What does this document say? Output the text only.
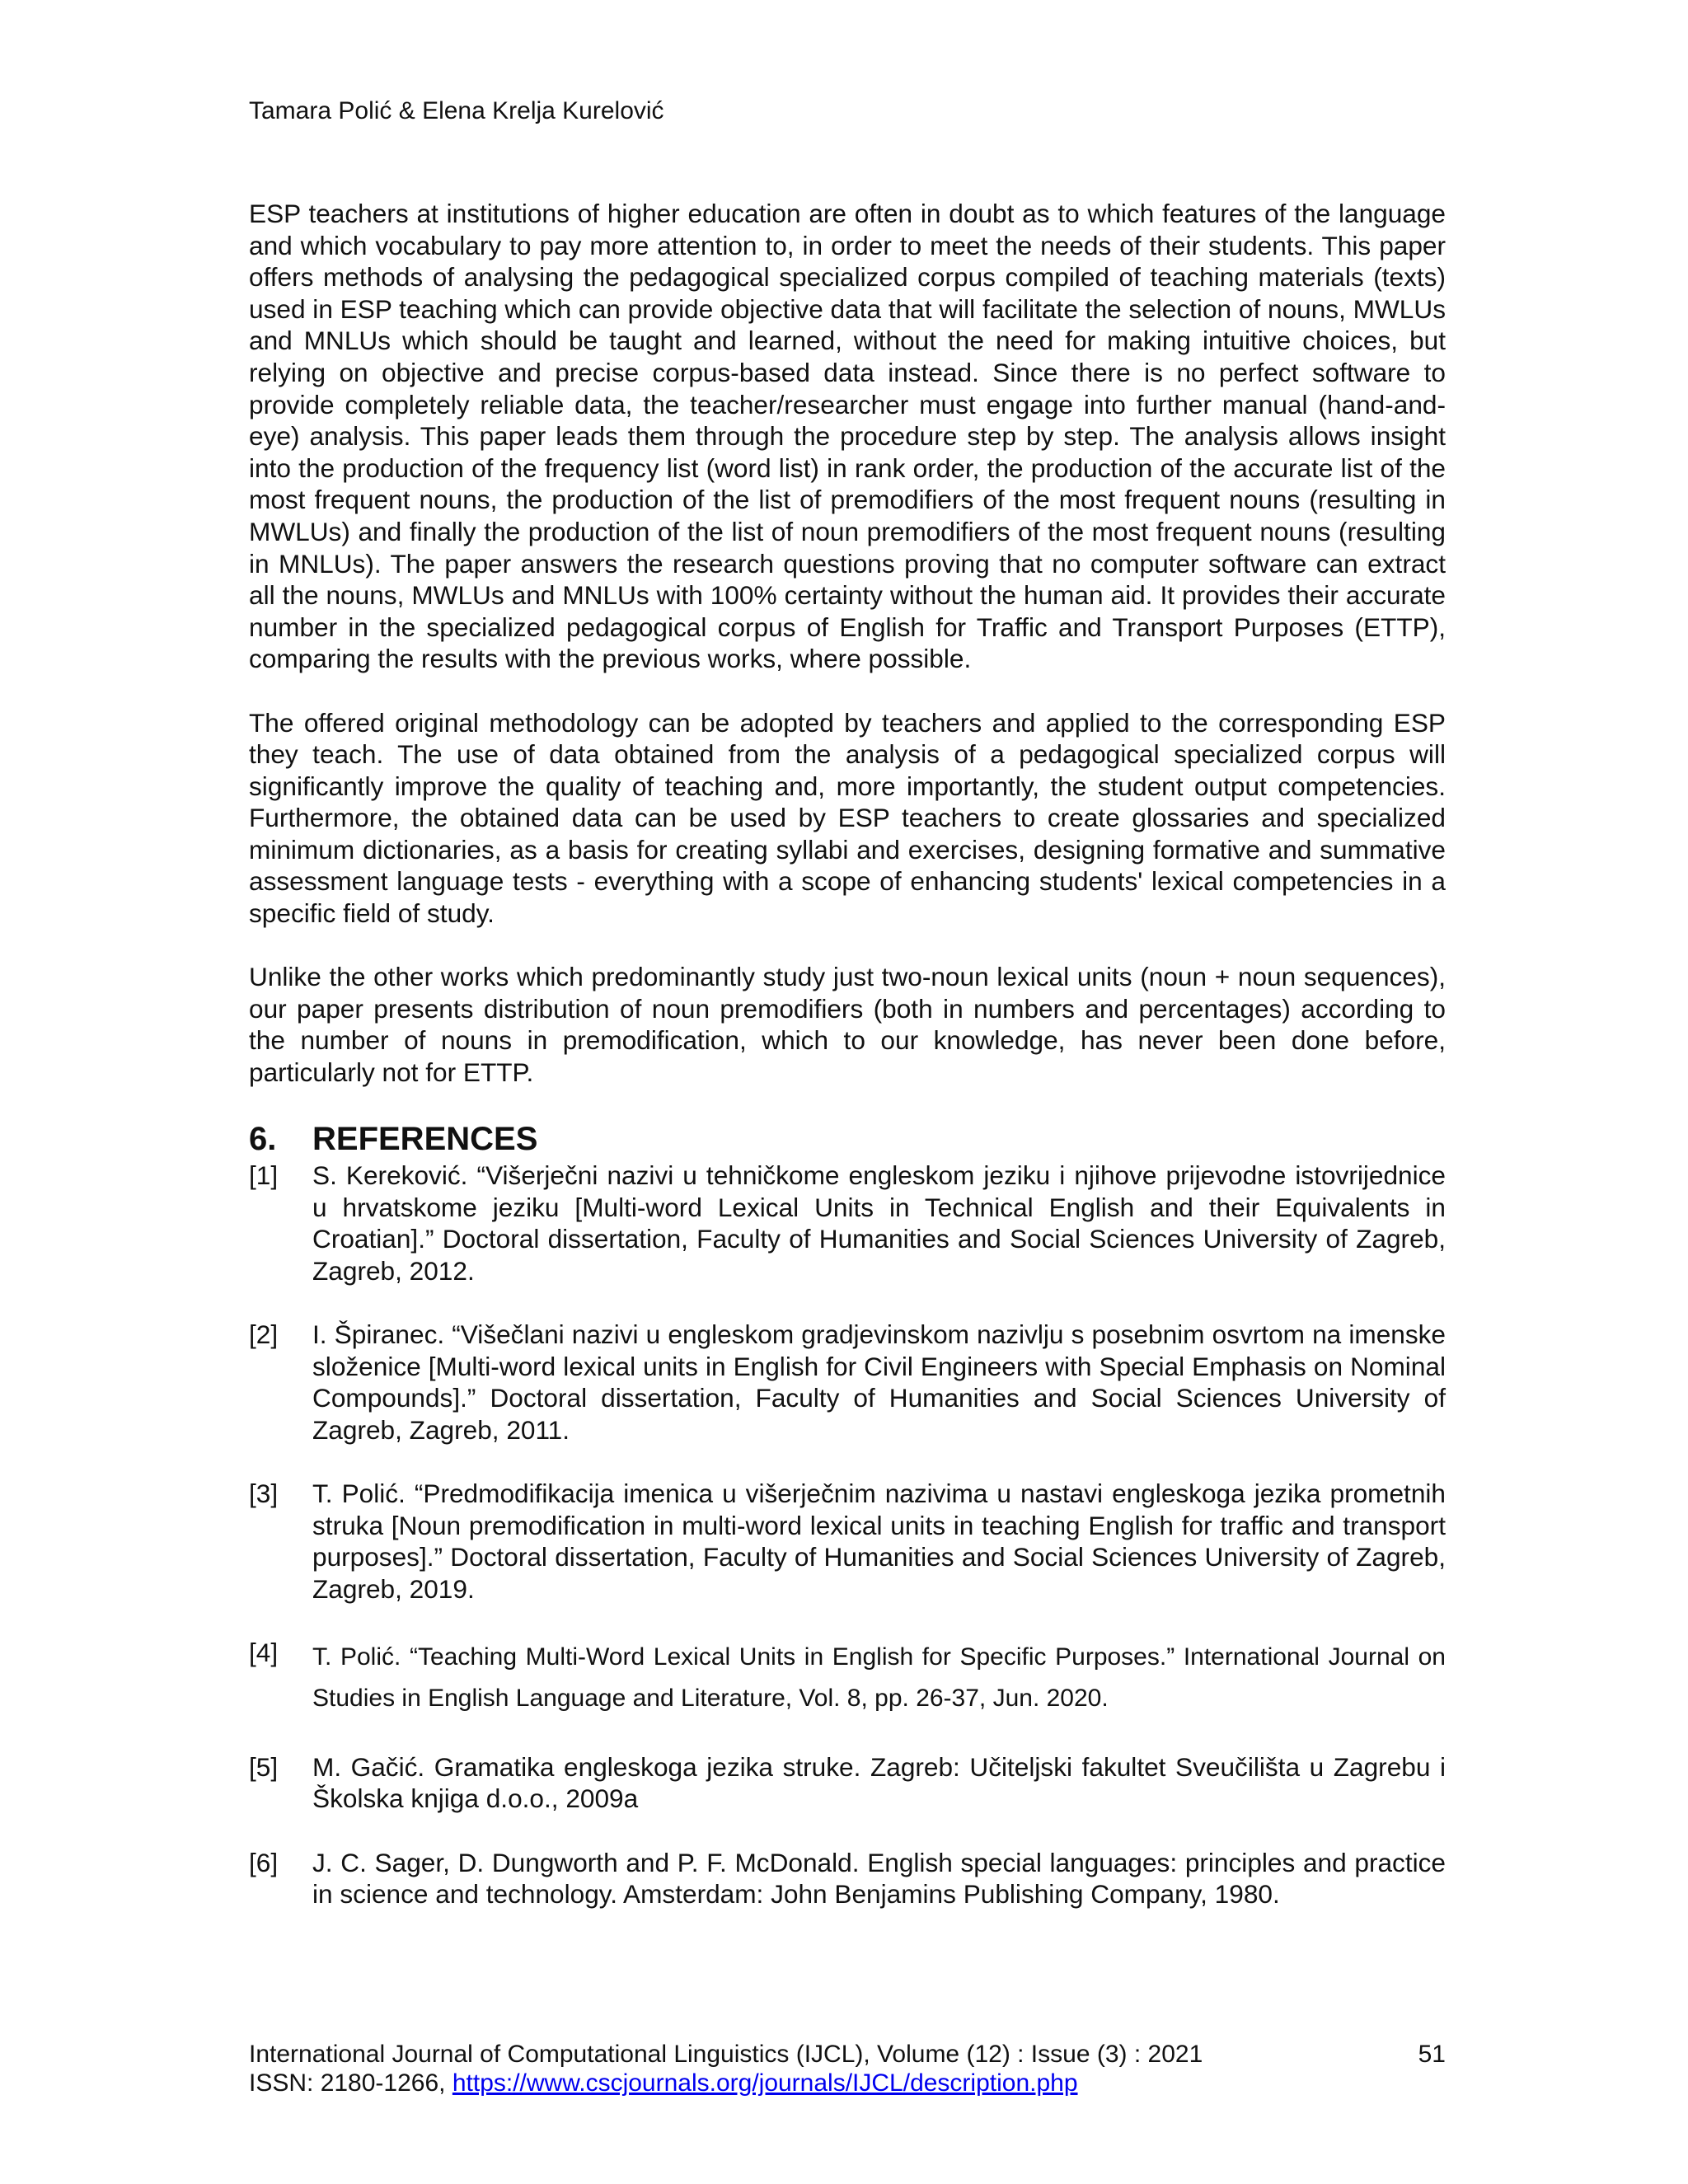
Tamara Polić & Elena Krelja Kurelović

ESP teachers at institutions of higher education are often in doubt as to which features of the language and which vocabulary to pay more attention to, in order to meet the needs of their students. This paper offers methods of analysing the pedagogical specialized corpus compiled of teaching materials (texts) used in ESP teaching which can provide objective data that will facilitate the selection of nouns, MWLUs and MNLUs which should be taught and learned, without the need for making intuitive choices, but relying on objective and precise corpus-based data instead. Since there is no perfect software to provide completely reliable data, the teacher/researcher must engage into further manual (hand-and-eye) analysis. This paper leads them through the procedure step by step. The analysis allows insight into the production of the frequency list (word list) in rank order, the production of the accurate list of the most frequent nouns, the production of the list of premodifiers of the most frequent nouns (resulting in MWLUs) and finally the production of the list of noun premodifiers of the most frequent nouns (resulting in MNLUs). The paper answers the research questions proving that no computer software can extract all the nouns, MWLUs and MNLUs with 100% certainty without the human aid. It provides their accurate number in the specialized pedagogical corpus of English for Traffic and Transport Purposes (ETTP), comparing the results with the previous works, where possible.

The offered original methodology can be adopted by teachers and applied to the corresponding ESP they teach. The use of data obtained from the analysis of a pedagogical specialized corpus will significantly improve the quality of teaching and, more importantly, the student output competencies. Furthermore, the obtained data can be used by ESP teachers to create glossaries and specialized minimum dictionaries, as a basis for creating syllabi and exercises, designing formative and summative assessment language tests - everything with a scope of enhancing students' lexical competencies in a specific field of study.

Unlike the other works which predominantly study just two-noun lexical units (noun + noun sequences), our paper presents distribution of noun premodifiers (both in numbers and percentages) according to the number of nouns in premodification, which to our knowledge, has never been done before, particularly not for ETTP.

6.	REFERENCES
[1]	S. Kereković. “Višerječni nazivi u tehničkome engleskom jeziku i njihove prijevodne istovrijednice u hrvatskome jeziku [Multi-word Lexical Units in Technical English and their Equivalents in Croatian].” Doctoral dissertation, Faculty of Humanities and Social Sciences University of Zagreb, Zagreb, 2012.
[2]	I. Špiranec. “Višečlani nazivi u engleskom gradjevinskom nazivlju s posebnim osvrtom na imenske složenice [Multi-word lexical units in English for Civil Engineers with Special Emphasis on Nominal Compounds].” Doctoral dissertation, Faculty of Humanities and Social Sciences University of Zagreb, Zagreb, 2011.
[3]	T. Polić. “Predmodifikacija imenica u višerječnim nazivima u nastavi engleskoga jezika prometnih struka [Noun premodification in multi-word lexical units in teaching English for traffic and transport purposes].” Doctoral dissertation, Faculty of Humanities and Social Sciences University of Zagreb, Zagreb, 2019.
[4]	T. Polić. “Teaching Multi-Word Lexical Units in English for Specific Purposes.” International Journal on Studies in English Language and Literature, Vol. 8, pp. 26-37, Jun. 2020.
[5]	M. Gačić. Gramatika engleskoga jezika struke. Zagreb: Učiteljski fakultet Sveučilišta u Zagrebu i Školska knjiga d.o.o., 2009a
[6]	J. C. Sager, D. Dungworth and P. F. McDonald. English special languages: principles and practice in science and technology. Amsterdam: John Benjamins Publishing Company, 1980.
International Journal of Computational Linguistics (IJCL), Volume (12) : Issue (3) : 2021	51
ISSN: 2180-1266, https://www.cscjournals.org/journals/IJCL/description.php
